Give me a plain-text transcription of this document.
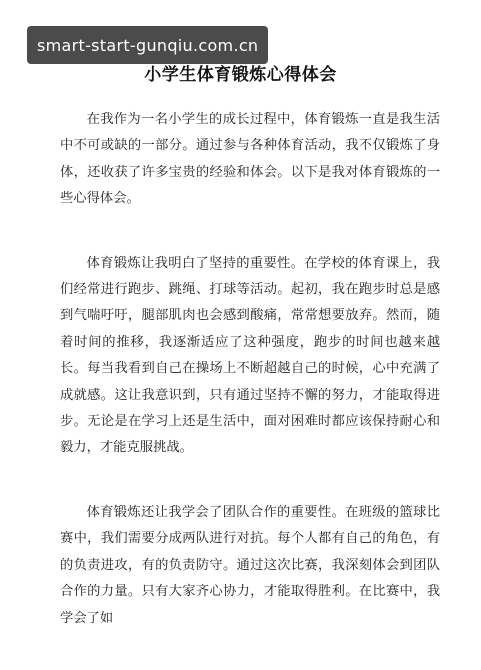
smart-start-gunqiu.com.cn
小学生体育锻炼心得体会

在我作为一名小学生的成长过程中，体育锻炼一直是我生活中不可或缺的一部分。通过参与各种体育活动，我不仅锻炼了身体，还收获了许多宝贵的经验和体会。以下是我对体育锻炼的一些心得体会。

体育锻炼让我明白了坚持的重要性。在学校的体育课上，我们经常进行跑步、跳绳、打球等活动。起初，我在跑步时总是感到气喘吁吁，腿部肌肉也会感到酸痛，常常想要放弃。然而，随着时间的推移，我逐渐适应了这种强度，跑步的时间也越来越长。每当我看到自己在操场上不断超越自己的时候，心中充满了成就感。这让我意识到，只有通过坚持不懈的努力，才能取得进步。无论是在学习上还是生活中，面对困难时都应该保持耐心和毅力，才能克服挑战。

体育锻炼还让我学会了团队合作的重要性。在班级的篮球比赛中，我们需要分成两队进行对抗。每个人都有自己的角色，有的负责进攻，有的负责防守。通过这次比赛，我深刻体会到团队合作的力量。只有大家齐心协力，才能取得胜利。在比赛中，我学会了如
